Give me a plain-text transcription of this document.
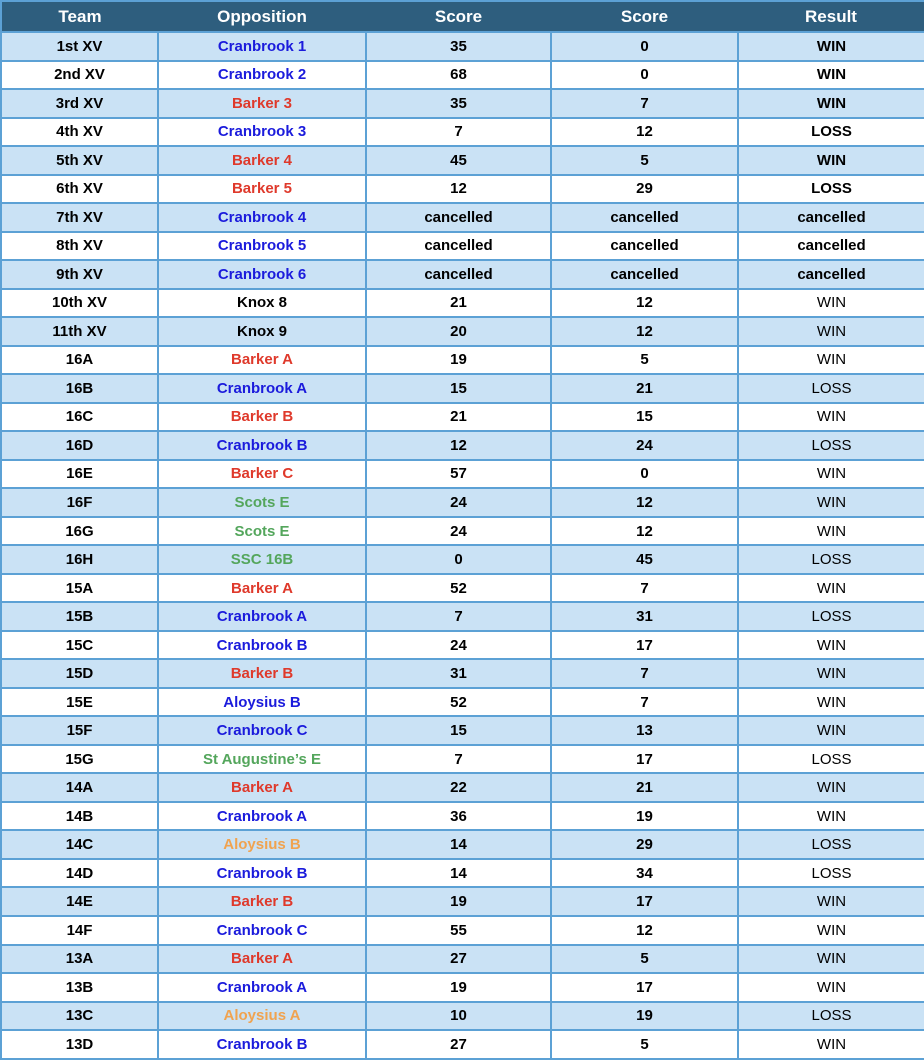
Team	Opposition	Score	Score	Result
1st XV	Cranbrook 1	35	0	WIN
2nd XV	Cranbrook 2	68	0	WIN
3rd XV	Barker 3	35	7	WIN
4th XV	Cranbrook 3	7	12	LOSS
5th XV	Barker 4	45	5	WIN
6th XV	Barker 5	12	29	LOSS
7th XV	Cranbrook 4	cancelled	cancelled	cancelled
8th XV	Cranbrook 5	cancelled	cancelled	cancelled
9th XV	Cranbrook 6	cancelled	cancelled	cancelled
10th XV	Knox 8	21	12	WIN
11th XV	Knox 9	20	12	WIN
16A	Barker A	19	5	WIN
16B	Cranbrook A	15	21	LOSS
16C	Barker B	21	15	WIN
16D	Cranbrook B	12	24	LOSS
16E	Barker C	57	0	WIN
16F	Scots E	24	12	WIN
16G	Scots E	24	12	WIN
16H	SSC 16B	0	45	LOSS
15A	Barker A	52	7	WIN
15B	Cranbrook A	7	31	LOSS
15C	Cranbrook B	24	17	WIN
15D	Barker B	31	7	WIN
15E	Aloysius B	52	7	WIN
15F	Cranbrook C	15	13	WIN
15G	St Augustine’s E	7	17	LOSS
14A	Barker A	22	21	WIN
14B	Cranbrook A	36	19	WIN
14C	Aloysius B	14	29	LOSS
14D	Cranbrook B	14	34	LOSS
14E	Barker B	19	17	WIN
14F	Cranbrook C	55	12	WIN
13A	Barker A	27	5	WIN
13B	Cranbrook A	19	17	WIN
13C	Aloysius A	10	19	LOSS
13D	Cranbrook B	27	5	WIN
